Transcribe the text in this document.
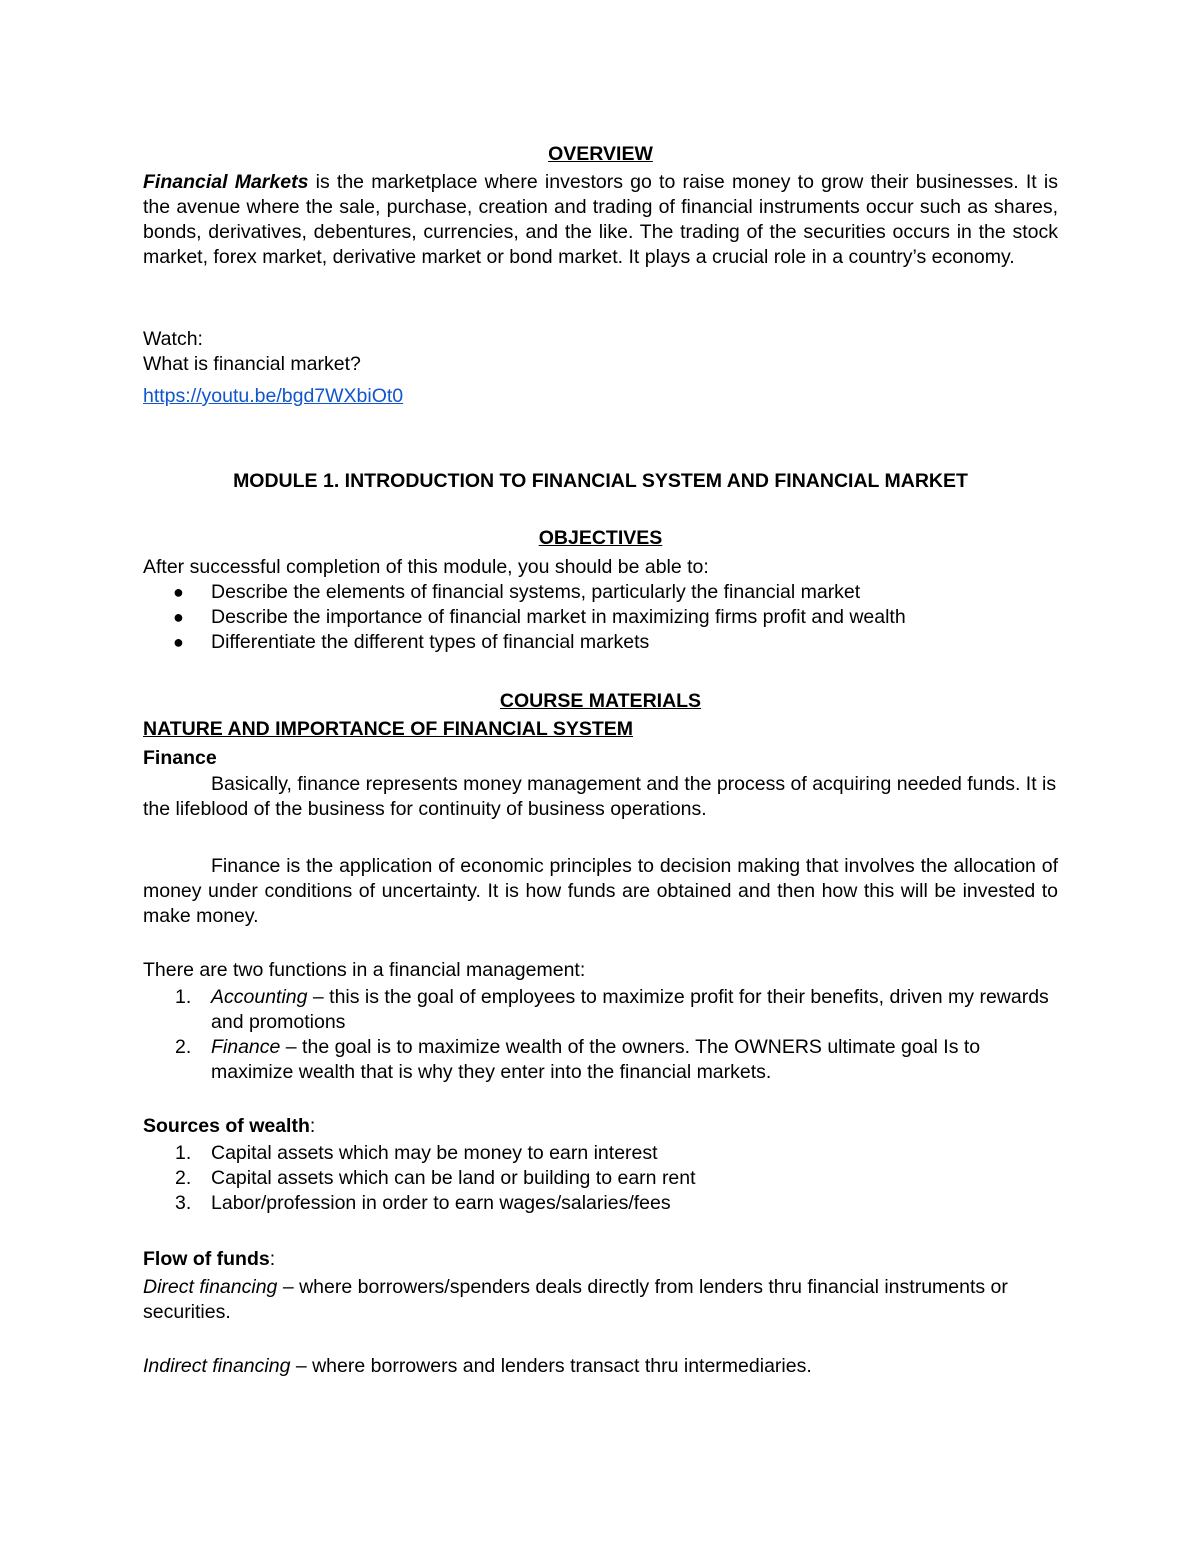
OVERVIEW

Financial Markets is the marketplace where investors go to raise money to grow their businesses. It is the avenue where the sale, purchase, creation and trading of financial instruments occur such as shares, bonds, derivatives, debentures, currencies, and the like. The trading of the securities occurs in the stock market, forex market, derivative market or bond market. It plays a crucial role in a country’s economy.

Watch:

What is financial market?

https://youtu.be/bgd7WXbiOt0

MODULE 1. INTRODUCTION TO FINANCIAL SYSTEM AND FINANCIAL MARKET

OBJECTIVES

After successful completion of this module, you should be able to:

● Describe the elements of financial systems, particularly the financial market
● Describe the importance of financial market in maximizing firms profit and wealth
● Differentiate the different types of financial markets

COURSE MATERIALS

NATURE AND IMPORTANCE OF FINANCIAL SYSTEM

Finance

Basically, finance represents money management and the process of acquiring needed funds. It is the lifeblood of the business for continuity of business operations.

Finance is the application of economic principles to decision making that involves the allocation of money under conditions of uncertainty. It is how funds are obtained and then how this will be invested to make money.

There are two functions in a financial management:

1. Accounting – this is the goal of employees to maximize profit for their benefits, driven my rewards and promotions
2. Finance – the goal is to maximize wealth of the owners. The OWNERS ultimate goal Is to maximize wealth that is why they enter into the financial markets.

Sources of wealth:

1. Capital assets which may be money to earn interest
2. Capital assets which can be land or building to earn rent
3. Labor/profession in order to earn wages/salaries/fees

Flow of funds:

Direct financing – where borrowers/spenders deals directly from lenders thru financial instruments or securities.

Indirect financing – where borrowers and lenders transact thru intermediaries.
